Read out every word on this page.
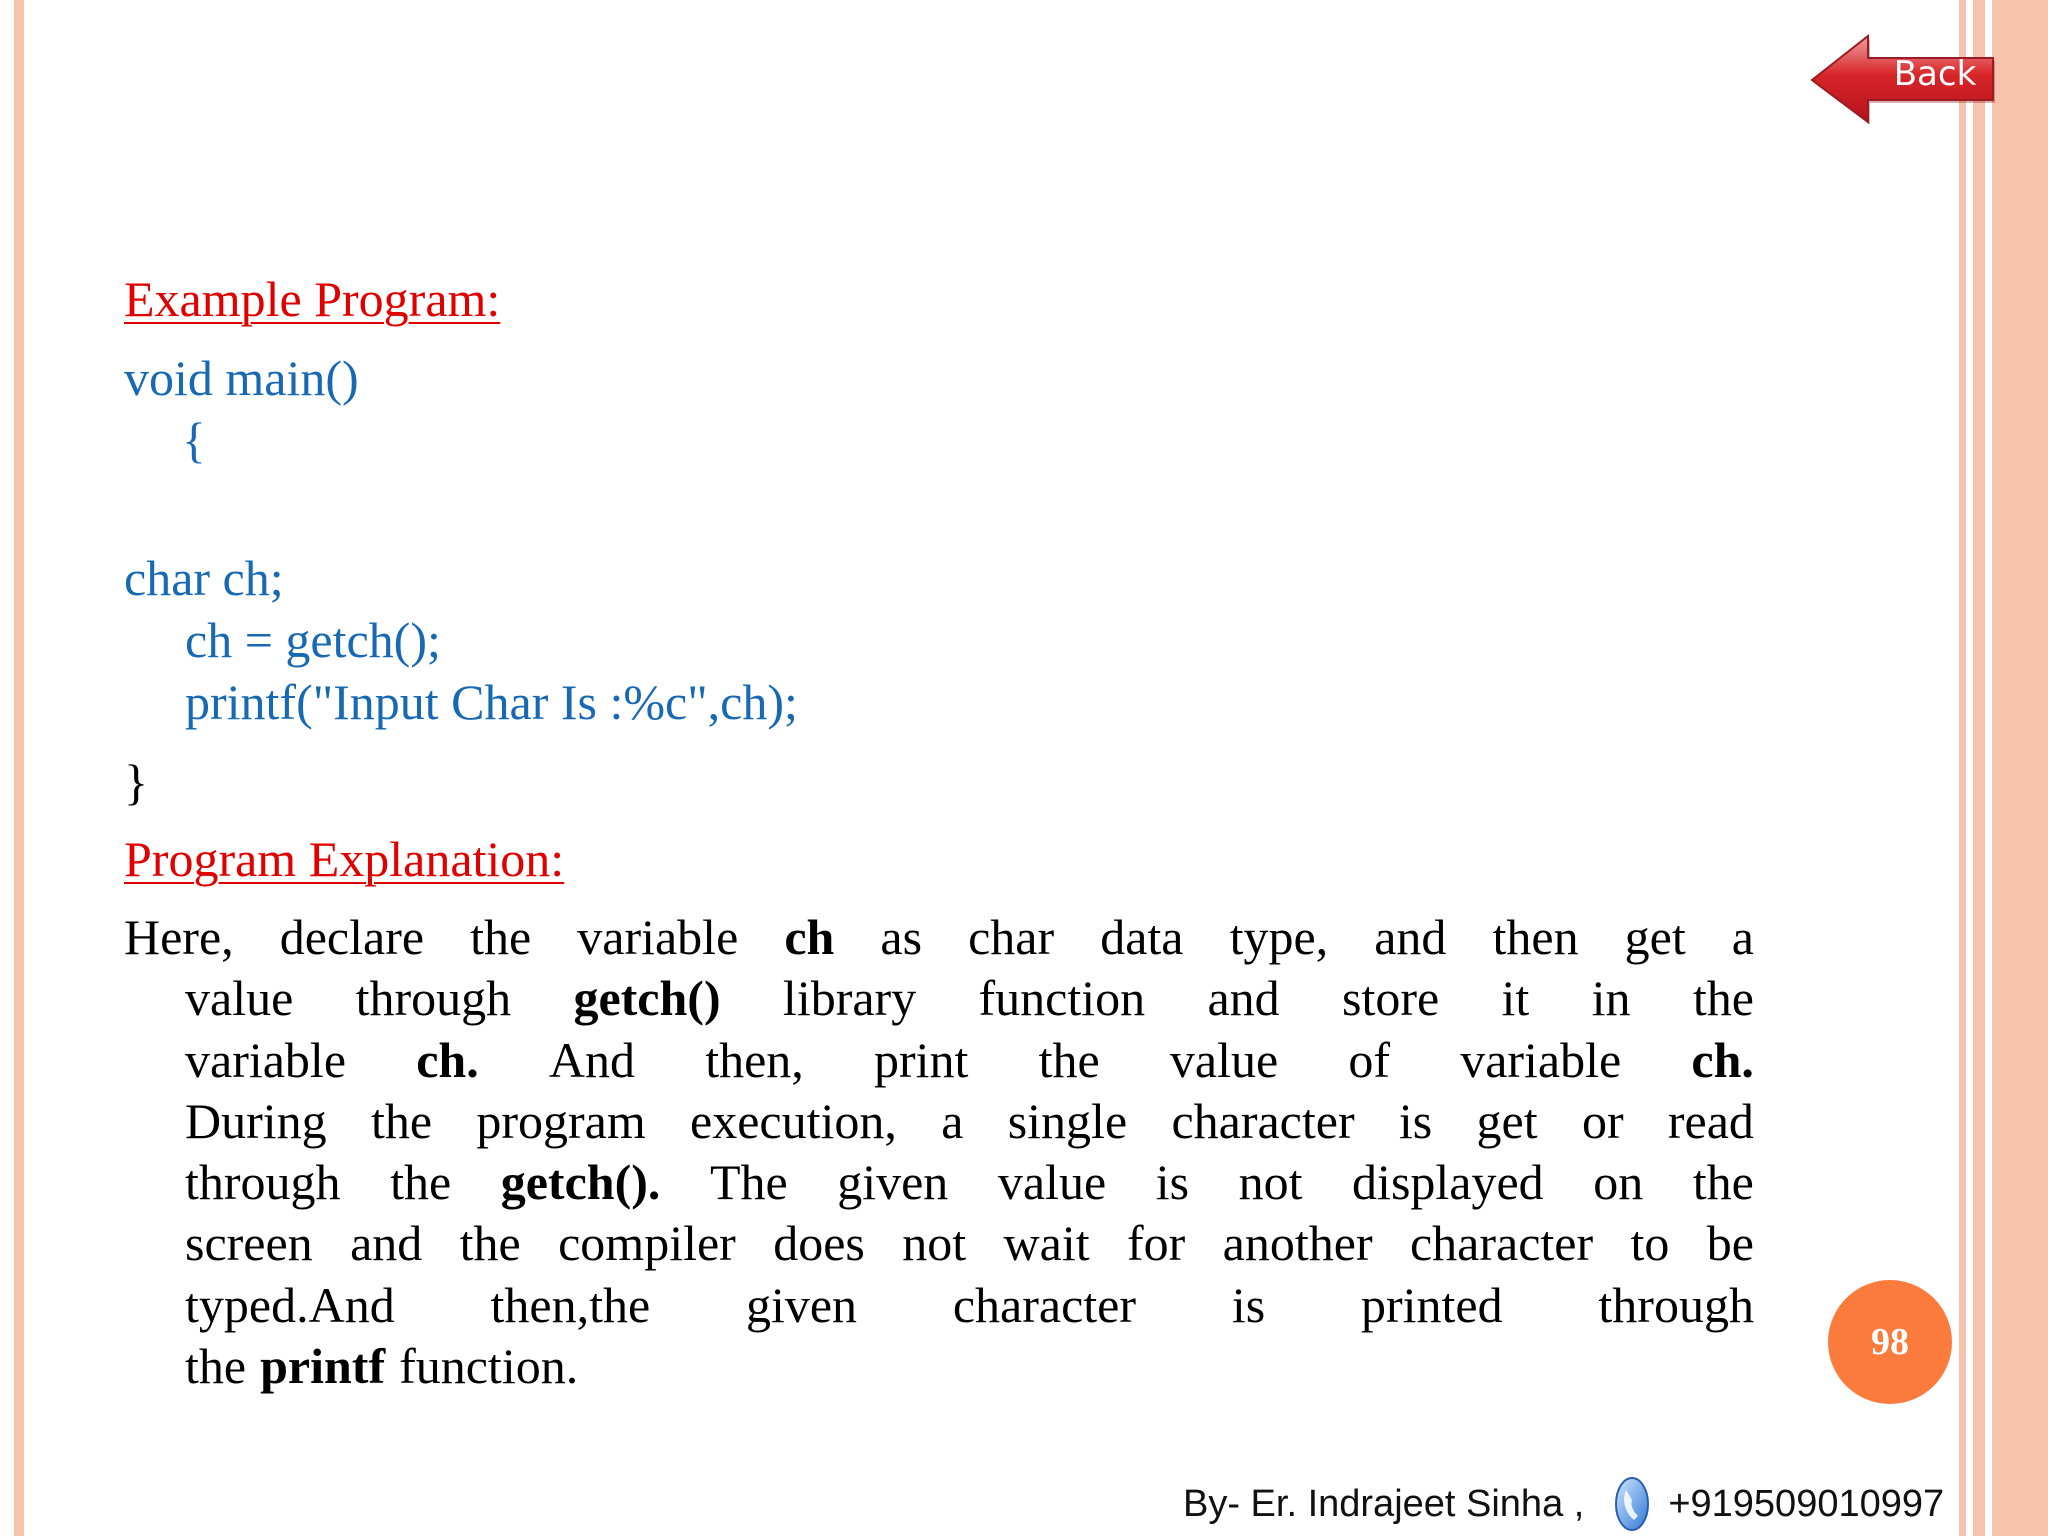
Back
Example Program:
void main()
{
char ch;
ch = getch();
printf("Input Char Is :%c",ch);
}
Program Explanation:
Here, declare the variable ch as char data type, and then get a
value through getch() library function and store it in the
variable ch. And then, print the value of variable ch.
During the program execution, a single character is get or read
through the getch(). The given value is not displayed on the
screen and the compiler does not wait for another character to be
typed.And then,the given character is printed through
the printf function.	98
By- Er. Indrajeet Sinha , +919509010997
